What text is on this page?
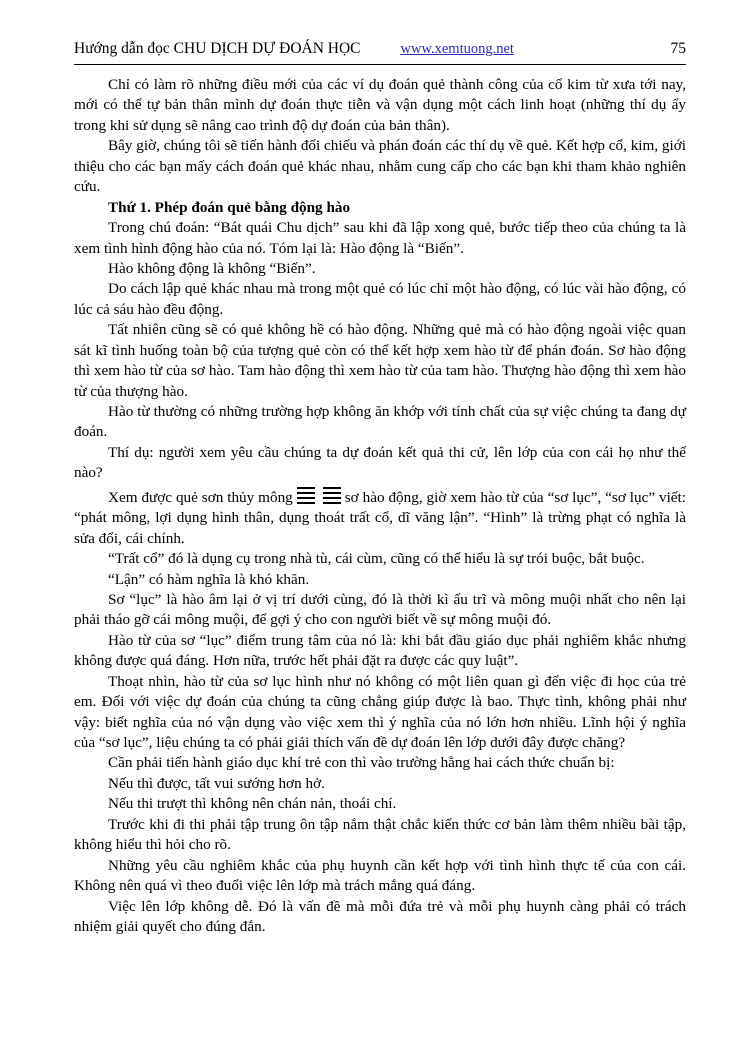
Hướng dẫn đọc CHU DỊCH DỰ ĐOÁN HỌC	www.xemtuong.net	75

Chỉ có làm rõ những điều mới của các ví dụ đoán quẻ thành công của cổ kim từ xưa tới nay, mới có thể tự bản thân mình dự đoán thực tiễn và vận dụng một cách linh hoạt (những thí dụ ấy trong khi sử dụng sẽ nâng cao trình độ dự đoán của bản thân).

Bây giờ, chúng tôi sẽ tiến hành đối chiếu và phán đoán các thí dụ về quẻ. Kết hợp cổ, kim, giới thiệu cho các bạn mấy cách đoán quẻ khác nhau, nhằm cung cấp cho các bạn khi tham khảo nghiên cứu.

Thứ 1. Phép đoán quẻ bằng động hào

Trong chú đoán: “Bát quái Chu dịch” sau khi đã lập xong quẻ, bước tiếp theo của chúng ta là xem tình hình động hào của nó. Tóm lại là: Hào động là “Biến”.

Hào không động là không “Biến”.

Do cách lập quẻ khác nhau mà trong một quẻ có lúc chỉ một hào động, có lúc vài hào động, có lúc cả sáu hào đều động.

Tất nhiên cũng sẽ có quẻ không hề có hào động. Những quẻ mà có hào động ngoài việc quan sát kĩ tình huống toàn bộ của tượng quẻ còn có thể kết hợp xem hào từ để phán đoán. Sơ hào động thì xem hào từ của sơ hào. Tam hào động thì xem hào từ của tam hào. Thượng hào động thì xem hào từ của thượng hào.

Hào từ thường có những trường hợp không ăn khớp với tính chất của sự việc chúng ta đang dự đoán.

Thí dụ: người xem yêu cầu chúng ta dự đoán kết quả thi cử, lên lớp của con cái họ như thế nào?

Xem được quẻ sơn thủy mông	sơ hào động, giờ xem hào từ của “sơ lục”, “sơ lục” viết: “phát mông, lợi dụng hình thân, dụng thoát trất cổ, dĩ văng lận”. “Hình” là trừng phạt có nghĩa là sửa đổi, cái chính.

“Trất cổ” đó là dụng cụ trong nhà tù, cái cùm, cũng có thể hiểu là sự trói buộc, bắt buộc.

“Lận” có hàm nghĩa là khó khăn.

Sơ “lục” là hào âm lại ở vị trí dưới cùng, đó là thời kì ấu trĩ và mông muội nhất cho nên lại phải tháo gỡ cái mông muội, để gợi ý cho con người biết về sự mông muội đó.

Hào từ của sơ “lục” điểm trung tâm của nó là: khi bắt đầu giáo dục phải nghiêm khắc nhưng không được quá đáng. Hơn nữa, trước hết phải đặt ra được các quy luật”.

Thoạt nhìn, hào từ của sơ lục hình như nó không có một liên quan gì đến việc đi học của trẻ em. Đối với việc dự đoán của chúng ta cũng chẳng giúp được là bao. Thực tình, không phải như vậy: biết nghĩa của nó vận dụng vào việc xem thì ý nghĩa của nó lớn hơn nhiều. Lĩnh hội ý nghĩa của “sơ lục”, liệu chúng ta có phải giải thích vấn đề dự đoán lên lớp dưới đây được chăng?

Cần phải tiến hành giáo dục khí trẻ con thì vào trường hằng hai cách thức chuẩn bị:

Nếu thì được, tất vui sướng hơn hở.

Nếu thi trượt thì không nên chán nản, thoái chí.

Trước khi đi thi phải tập trung ôn tập nắm thật chắc kiến thức cơ bản làm thêm nhiều bài tập, không hiểu thì hỏi cho rõ.

Những yêu cầu nghiêm khắc của phụ huynh cần kết hợp với tình hình thực tế của con cái. Không nên quá vì theo đuổi việc lên lớp mà trách mắng quá đáng.

Việc lên lớp không dễ. Đó là vấn đề mà mỗi đứa trẻ và mỗi phụ huynh càng phải có trách nhiệm giải quyết cho đúng đắn.
